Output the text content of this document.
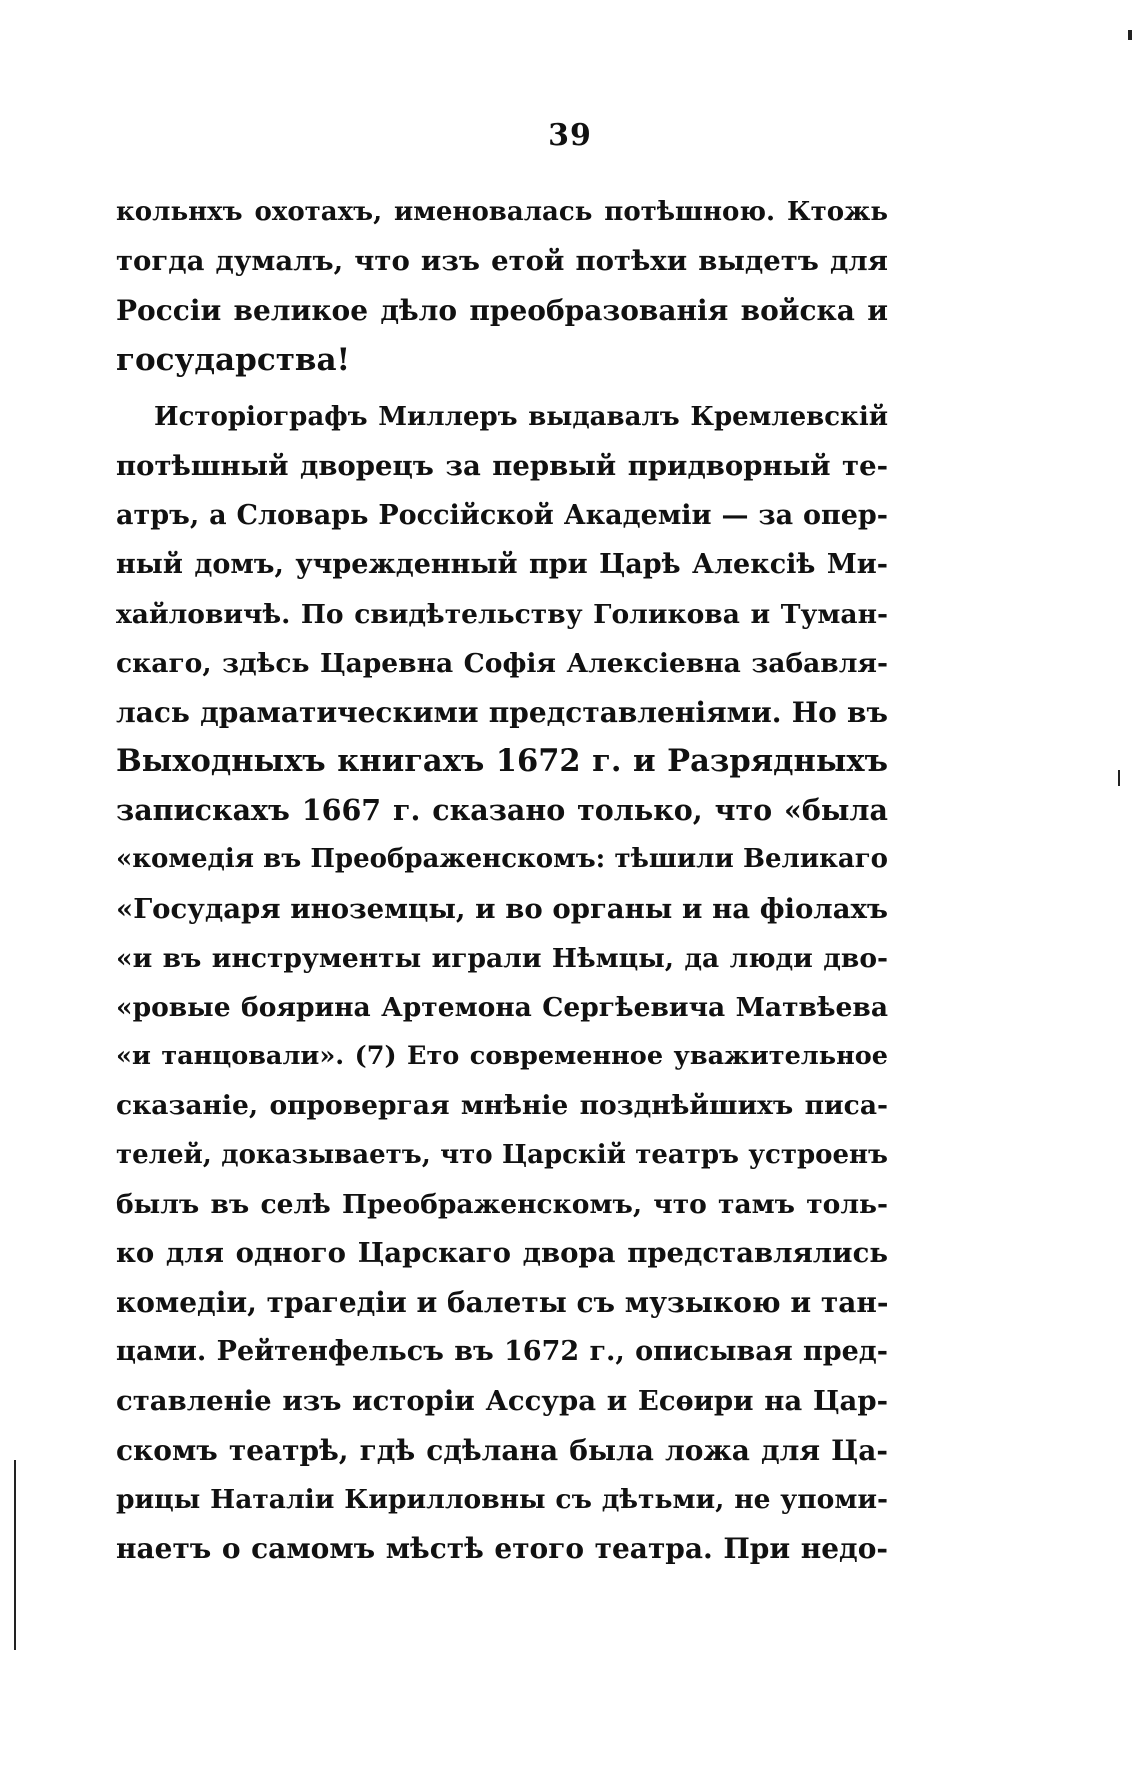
39
кольнхъ охотахъ, именовалась потѣшною. Ктожь
тогда думалъ, что изъ етой потѣхи выдетъ для
Россіи великое дѣло преобразованія войска и
государства!
Исторіографъ Миллеръ выдавалъ Кремлевскій
потѣшный дворецъ за первый придворный те-
атръ, а Словарь Россійской Академіи — за опер-
ный домъ, учрежденный при Царѣ Алексіѣ Ми-
хайловичѣ. По свидѣтельству Голикова и Туман-
скаго, здѣсь Царевна Софія Алексіевна забавля-
лась драматическими представленіями. Но въ
Выходныхъ книгахъ 1672 г. и Разрядныхъ
запискахъ 1667 г. сказано только, что «была
«комедія въ Преображенскомъ: тѣшили Великаго
«Государя иноземцы, и во органы и на фіолахъ
«и въ инструменты играли Нѣмцы, да люди дво-
«ровые боярина Артемона Сергѣевича Матвѣева
«и танцовали». (7) Ето современное уважительное
сказаніе, опровергая мнѣніе позднѣйшихъ писа-
телей, доказываетъ, что Царскій театръ устроенъ
былъ въ селѣ Преображенскомъ, что тамъ толь-
ко для одного Царскаго двора представлялись
комедіи, трагедіи и балеты съ музыкою и тан-
цами. Рейтенфельсъ въ 1672 г., описывая пред-
ставленіе изъ исторіи Ассура и Есѳири на Цар-
скомъ театрѣ, гдѣ сдѣлана была ложа для Ца-
рицы Наталіи Кирилловны съ дѣтьми, не упоми-
наетъ о самомъ мѣстѣ етого театра. При недо-
